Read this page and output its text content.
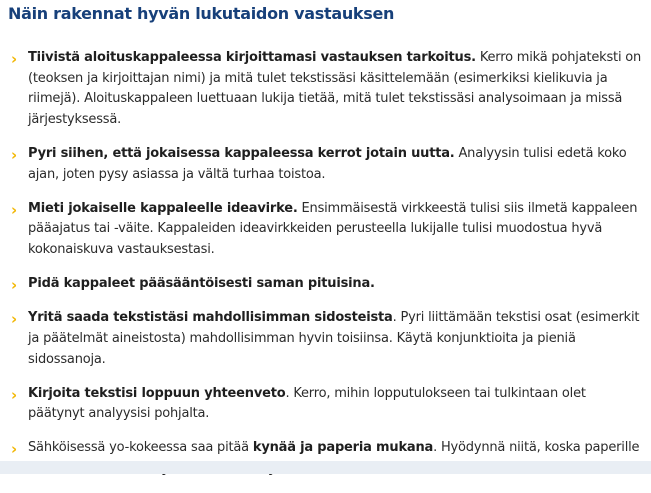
Näin rakennat hyvän lukutaidon vastauksen
› Tiivistä aloituskappaleessa kirjoittamasi vastauksen tarkoitus. Kerro mikä pohjateksti on (teoksen ja kirjoittajan nimi) ja mitä tulet tekstissäsi käsittelemään (esimerkiksi kielikuvia ja riimejä). Aloituskappaleen luettuaan lukija tietää, mitä tulet tekstissäsi analysoimaan ja missä järjestyksessä.
› Pyri siihen, että jokaisessa kappaleessa kerrot jotain uutta. Analyysin tulisi edetä koko ajan, joten pysy asiassa ja vältä turhaa toistoa.
› Mieti jokaiselle kappaleelle ideavirke. Ensimmäisestä virkkeestä tulisi siis ilmetä kappaleen pääajatus tai -väite. Kappaleiden ideavirkkeiden perusteella lukijalle tulisi muodostua hyvä kokonaiskuva vastauksestasi.
› Pidä kappaleet pääsääntöisesti saman pituisina.
› Yritä saada tekstistäsi mahdollisimman sidosteista. Pyri liittämään tekstisi osat (esimerkit ja päätelmät aineistosta) mahdollisimman hyvin toisiinsa. Käytä konjunktioita ja pieniä sidossanoja.
› Kirjoita tekstisi loppuun yhteenveto. Kerro, mihin lopputulokseen tai tulkintaan olet päätynyt analyysisi pohjalta.
› Sähköisessä yo-kokeessa saa pitää kynää ja paperia mukana. Hyödynnä niitä, koska paperille
